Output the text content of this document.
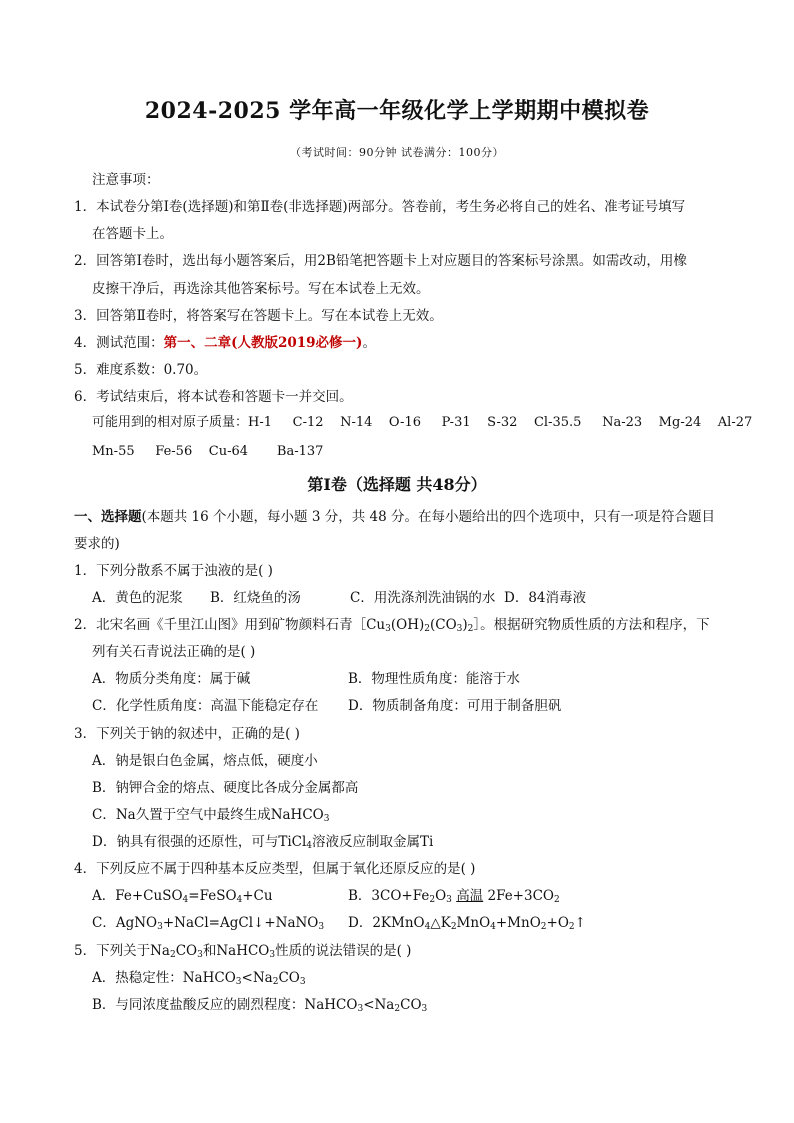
2024-2025 学年高一年级化学上学期期中模拟卷
（考试时间：90分钟 试卷满分：100分）
注意事项：
1．本试卷分第Ⅰ卷(选择题)和第Ⅱ卷(非选择题)两部分。答卷前，考生务必将自己的姓名、准考证号填写
在答题卡上。
2．回答第Ⅰ卷时，选出每小题答案后，用2B铅笔把答题卡上对应题目的答案标号涂黑。如需改动，用橡
皮擦干净后，再选涂其他答案标号。写在本试卷上无效。
3．回答第Ⅱ卷时，将答案写在答题卡上。写在本试卷上无效。
4．测试范围：第一、二章(人教版2019必修一)。
5．难度系数：0.70。
6．考试结束后，将本试卷和答题卡一并交回。
可能用到的相对原子质量：H-1     C-12    N-14    O-16     P-31    S-32    Cl-35.5     Na-23    Mg-24    Al-27
Mn-55     Fe-56    Cu-64       Ba-137
第Ⅰ卷（选择题 共48分）
一、选择题(本题共 16 个小题，每小题 3 分，共 48 分。在每小题给出的四个选项中，只有一项是符合题目
要求的)
1．下列分散系不属于浊液的是( )
A．黄色的泥浆 B．红烧鱼的汤	C．用洗涤剂洗油锅的水 D．84消毒液
2．北宋名画《千里江山图》用到矿物颜料石青$[Cu_3(OH)_2(CO_3)_2]$。根据研究物质性质的方法和程序，下
列有关石青说法正确的是( )
A．物质分类角度：属于碱	B．物理性质角度：能溶于水
C．化学性质角度：高温下能稳定存在 D．物质制备角度：可用于制备胆矾
3．下列关于钠的叙述中，正确的是( )
A．钠是银白色金属，熔点低，硬度小
B．钠钾合金的熔点、硬度比各成分金属都高
C．Na久置于空气中最终生成NaHCO$_3$
D．钠具有很强的还原性，可与TiCl$_4$溶液反应制取金属Ti
4．下列反应不属于四种基本反应类型，但属于氧化还原反应的是( )
A．Fe+CuSO$_4$=FeSO$_4$+Cu	B．$3CO+Fe_2O_3$ 高温 $2Fe+3CO_2$
C．AgNO$_3$+NaCl=AgCl↓+NaNO$_3$ D．$2KMnO_4\triangle K_2MnO_4+MnO_2+O_2↑$
5．下列关于$Na_2CO_3$和NaHCO$_3$性质的说法错误的是( )
A．热稳定性：$NaHCO_3<Na_2CO_3$
B．与同浓度盐酸反应的剧烈程度：$NaHCO_3<Na_2CO_3$
